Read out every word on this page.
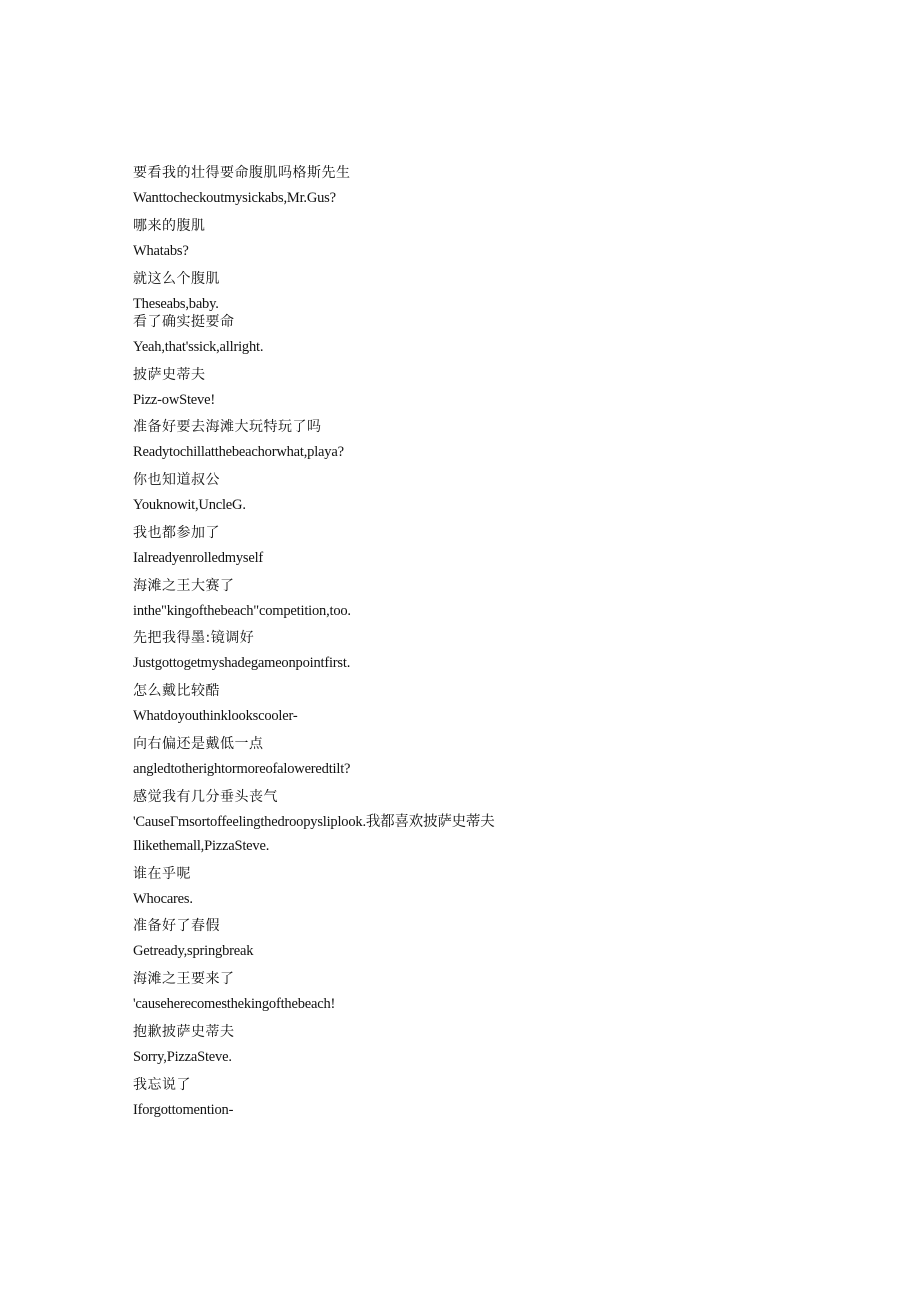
要看我的壮得要命腹肌吗格斯先生
Wanttocheckoutmysickabs,Mr.Gus?
哪来的腹肌
Whatabs?
就这么个腹肌
Theseabs,baby.
看了确实挺要命
Yeah,that'ssick,allright.
披萨史蒂夫
Pizz-owSteve!
准备好要去海滩大玩特玩了吗
Readytochillatthebeachorwhat,playa?
你也知道叔公
Youknowit,UncleG.
我也都参加了
Ialreadyenrolledmyself
海滩之王大赛了
inthe"kingofthebeach"competition,too.
先把我得墨:镜调好
Justgottogetmyshadegameonpointfirst.
怎么戴比较酷
Whatdoyouthinklookscooler-
向右偏还是戴低一点
angledtotherightormoreofaloweredtilt?
感觉我有几分垂头丧气
'CauseΓmsortoffeelingthedroopysliplook.我都喜欢披萨史蒂夫
Ilikethemall,PizzaSteve.
谁在乎呢
Whocares.
准备好了春假
Getready,springbreak
海滩之王要来了
'causeherecomesthekingofthebeach!
抱歉披萨史蒂夫
Sorry,PizzaSteve.
我忘说了
Iforgottomention-
